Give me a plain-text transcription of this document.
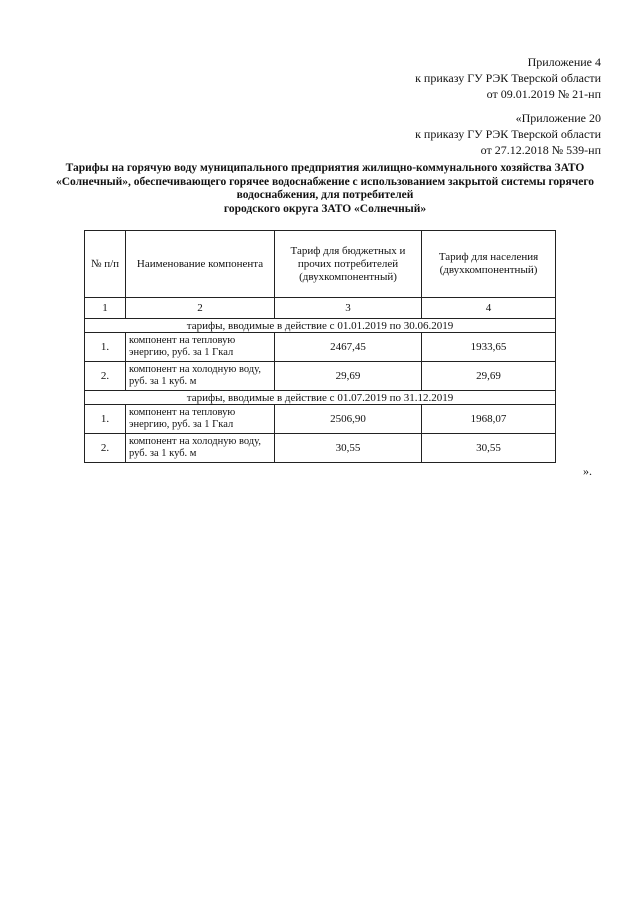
Приложение 4
к приказу ГУ РЭК Тверской области
от 09.01.2019 № 21-нп
«Приложение 20
к приказу ГУ РЭК Тверской области
от 27.12.2018 № 539-нп
Тарифы на горячую воду муниципального предприятия жилищно-коммунального хозяйства ЗАТО
«Солнечный», обеспечивающего горячее водоснабжение с использованием закрытой системы горячего
водоснабжения, для потребителей
городского округа ЗАТО «Солнечный»
№ п/п	Наименование компонента	Тариф для бюджетных и прочих потребителей (двухкомпонентный)	Тариф для населения (двухкомпонентный)
1	2	3	4
тарифы, вводимые в действие с 01.01.2019 по 30.06.2019			
1.	компонент на тепловую энергию, руб. за 1 Гкал	2467,45	1933,65
2.	компонент на холодную воду, руб. за 1 куб. м	29,69	29,69
тарифы, вводимые в действие с 01.07.2019 по 31.12.2019			
1.	компонент на тепловую энергию, руб. за 1 Гкал	2506,90	1968,07
2.	компонент на холодную воду, руб. за 1 куб. м	30,55	30,55
».
